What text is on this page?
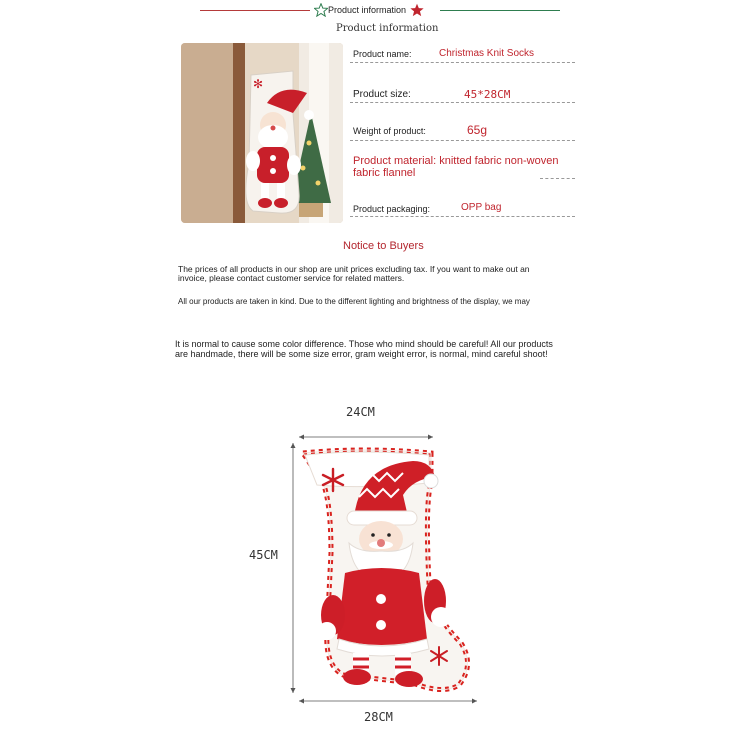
Product information
Product information
✻
Product name:	Christmas Knit Socks
Product size:	45*28CM
Weight of product:	65g
Product material: knitted fabric non-woven fabric flannel
Product packaging:	OPP bag
Notice to Buyers
The prices of all products in our shop are unit prices excluding tax. If you want to make out an invoice, please contact customer service for related matters.
All our products are taken in kind. Due to the different lighting and brightness of the display, we may
It is normal to cause some color difference. Those who mind should be careful! All our products are handmade, there will be some size error, gram weight error, is normal, mind careful shoot!
24CM
45CM
28CM
